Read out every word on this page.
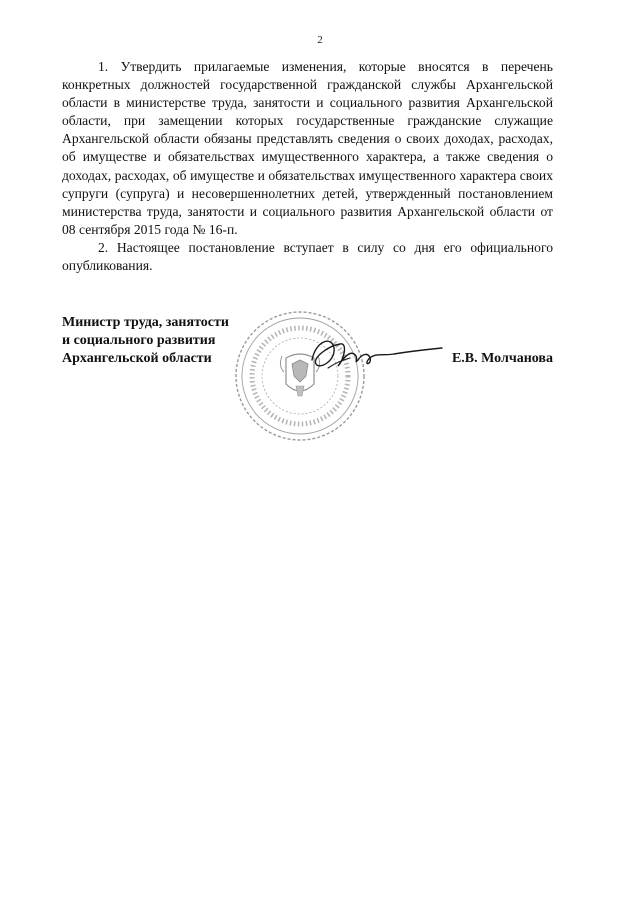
2

1. Утвердить прилагаемые изменения, которые вносятся в перечень конкретных должностей государственной гражданской службы Архангельской области в министерстве труда, занятости и социального развития Архангельской области, при замещении которых государственные гражданские служащие Архангельской области обязаны представлять сведения о своих доходах, расходах, об имуществе и обязательствах имущественного характера, а также сведения о доходах, расходах, об имуществе и обязательствах имущественного характера своих супруги (супруга) и несовершеннолетних детей, утвержденный постановлением министерства труда, занятости и социального развития Архангельской области от 08 сентября 2015 года № 16-п.

2. Настоящее постановление вступает в силу со дня его официального опубликования.

Министр труда, занятости
и социального развития
Архангельской области	Е.В. Молчанова
